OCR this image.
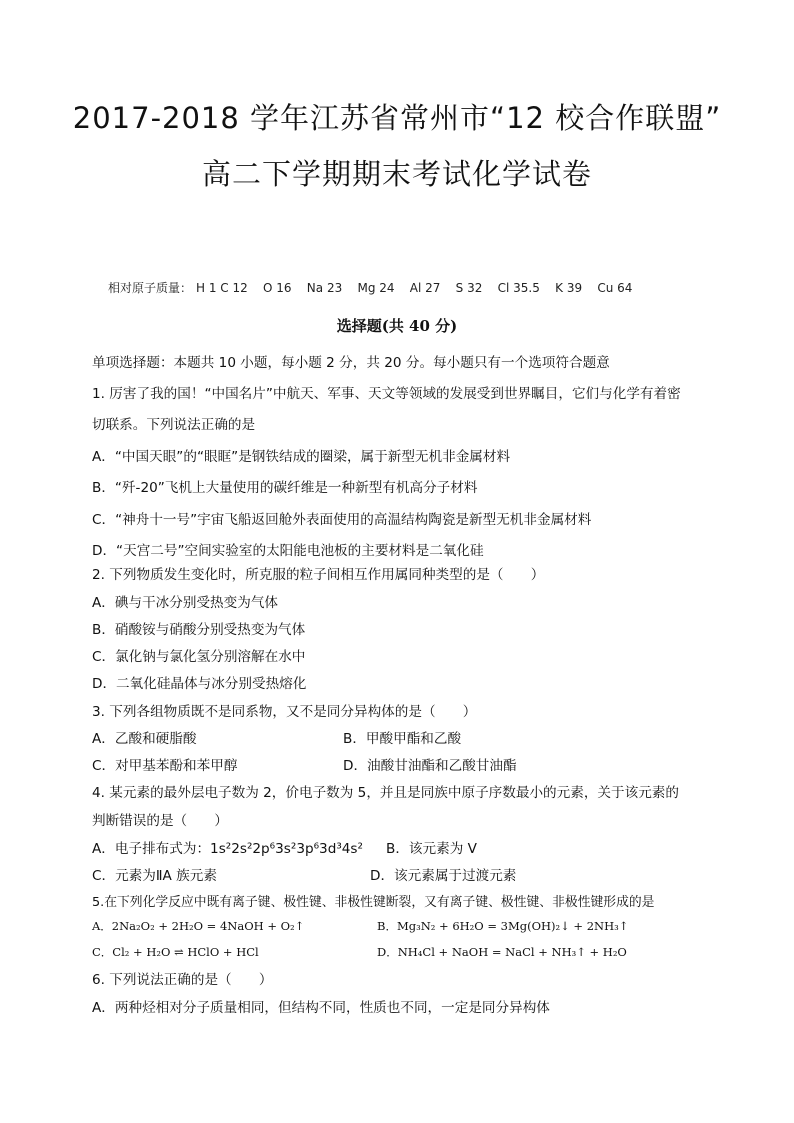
2017-2018 学年江苏省常州市“12 校合作联盟”
高二下学期期末考试化学试卷
相对原子质量： H 1 C 12    O 16    Na 23    Mg 24    Al 27    S 32    Cl 35.5    K 39    Cu 64
选择题(共 40 分)
单项选择题：本题共 10 小题，每小题 2 分，共 20 分。每小题只有一个选项符合题意
1. 厉害了我的国！“中国名片”中航天、军事、天文等领域的发展受到世界瞩目，它们与化学有着密
切联系。下列说法正确的是
A．“中国天眼”的“眼眶”是钢铁结成的圈梁，属于新型无机非金属材料
B．“歼-20”飞机上大量使用的碳纤维是一种新型有机高分子材料
C．“神舟十一号”宇宙飞船返回舱外表面使用的高温结构陶瓷是新型无机非金属材料
D．“天宫二号”空间实验室的太阳能电池板的主要材料是二氧化硅
2. 下列物质发生变化时，所克服的粒子间相互作用属同种类型的是（　　）
A．碘与干冰分别受热变为气体
B．硝酸铵与硝酸分别受热变为气体
C．氯化钠与氯化氢分别溶解在水中
D．二氧化硅晶体与冰分别受热熔化
3. 下列各组物质既不是同系物，又不是同分异构体的是（　　）
A．乙酸和硬脂酸	B．甲酸甲酯和乙酸
C．对甲基苯酚和苯甲醇	D．油酸甘油酯和乙酸甘油酯
4. 某元素的最外层电子数为 2，价电子数为 5，并且是同族中原子序数最小的元素，关于该元素的
判断错误的是（　　）
A．电子排布式为：1s²2s²2p⁶3s²3p⁶3d³4s² B．该元素为 V
C．元素为ⅡA 族元素	D．该元素属于过渡元素
5.在下列化学反应中既有离子键、极性键、非极性键断裂，又有离子键、极性键、非极性键形成的是
A．2Na₂O₂ + 2H₂O = 4NaOH + O₂↑	B．Mg₃N₂ + 6H₂O = 3Mg(OH)₂↓ + 2NH₃↑
C．Cl₂ + H₂O ⇌ HClO + HCl	D．NH₄Cl + NaOH = NaCl + NH₃↑ + H₂O
6. 下列说法正确的是（　　）
A．两种烃相对分子质量相同，但结构不同，性质也不同，一定是同分异构体
